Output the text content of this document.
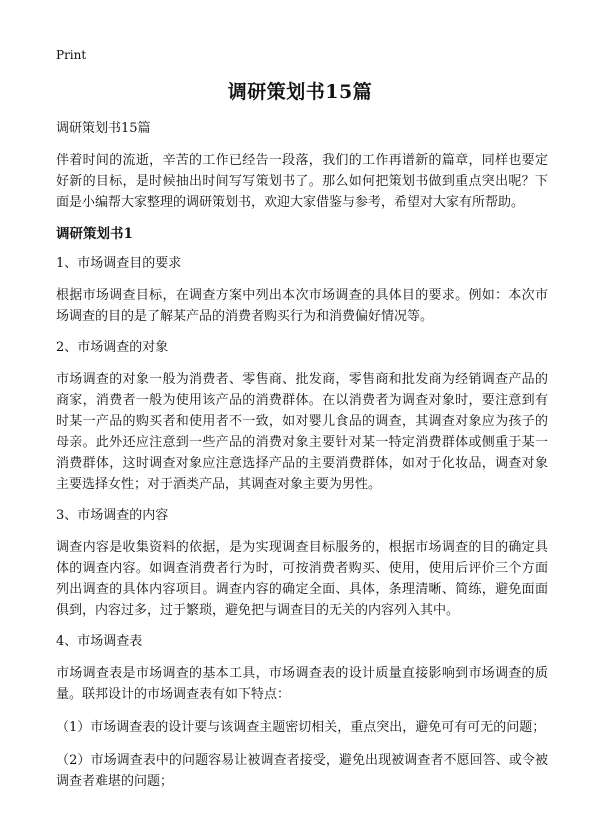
Print
调研策划书15篇
调研策划书15篇

伴着时间的流逝，辛苦的工作已经告一段落，我们的工作再谱新的篇章，同样也要定好新的目标，是时候抽出时间写写策划书了。那么如何把策划书做到重点突出呢？下面是小编帮大家整理的调研策划书，欢迎大家借鉴与参考，希望对大家有所帮助。

调研策划书1
1、市场调查目的要求

根据市场调查目标，在调查方案中列出本次市场调查的具体目的要求。例如：本次市场调查的目的是了解某产品的消费者购买行为和消费偏好情况等。

2、市场调查的对象

市场调查的对象一般为消费者、零售商、批发商，零售商和批发商为经销调查产品的商家，消费者一般为使用该产品的消费群体。在以消费者为调查对象时，要注意到有时某一产品的购买者和使用者不一致，如对婴儿食品的调查，其调查对象应为孩子的母亲。此外还应注意到一些产品的消费对象主要针对某一特定消费群体或侧重于某一消费群体，这时调查对象应注意选择产品的主要消费群体，如对于化妆品，调查对象主要选择女性；对于酒类产品，其调查对象主要为男性。

3、市场调查的内容

调查内容是收集资料的依据，是为实现调查目标服务的，根据市场调查的目的确定具体的调查内容。如调查消费者行为时，可按消费者购买、使用，使用后评价三个方面列出调查的具体内容项目。调查内容的确定全面、具体，条理清晰、简练，避免面面俱到，内容过多，过于繁琐，避免把与调查目的无关的内容列入其中。

4、市场调查表

市场调查表是市场调查的基本工具，市场调查表的设计质量直接影响到市场调查的质量。联邦设计的市场调查表有如下特点：

（1）市场调查表的设计要与该调查主题密切相关，重点突出，避免可有可无的问题；

（2）市场调查表中的问题容易让被调查者接受，避免出现被调查者不愿回答、或令被调查者难堪的问题；
